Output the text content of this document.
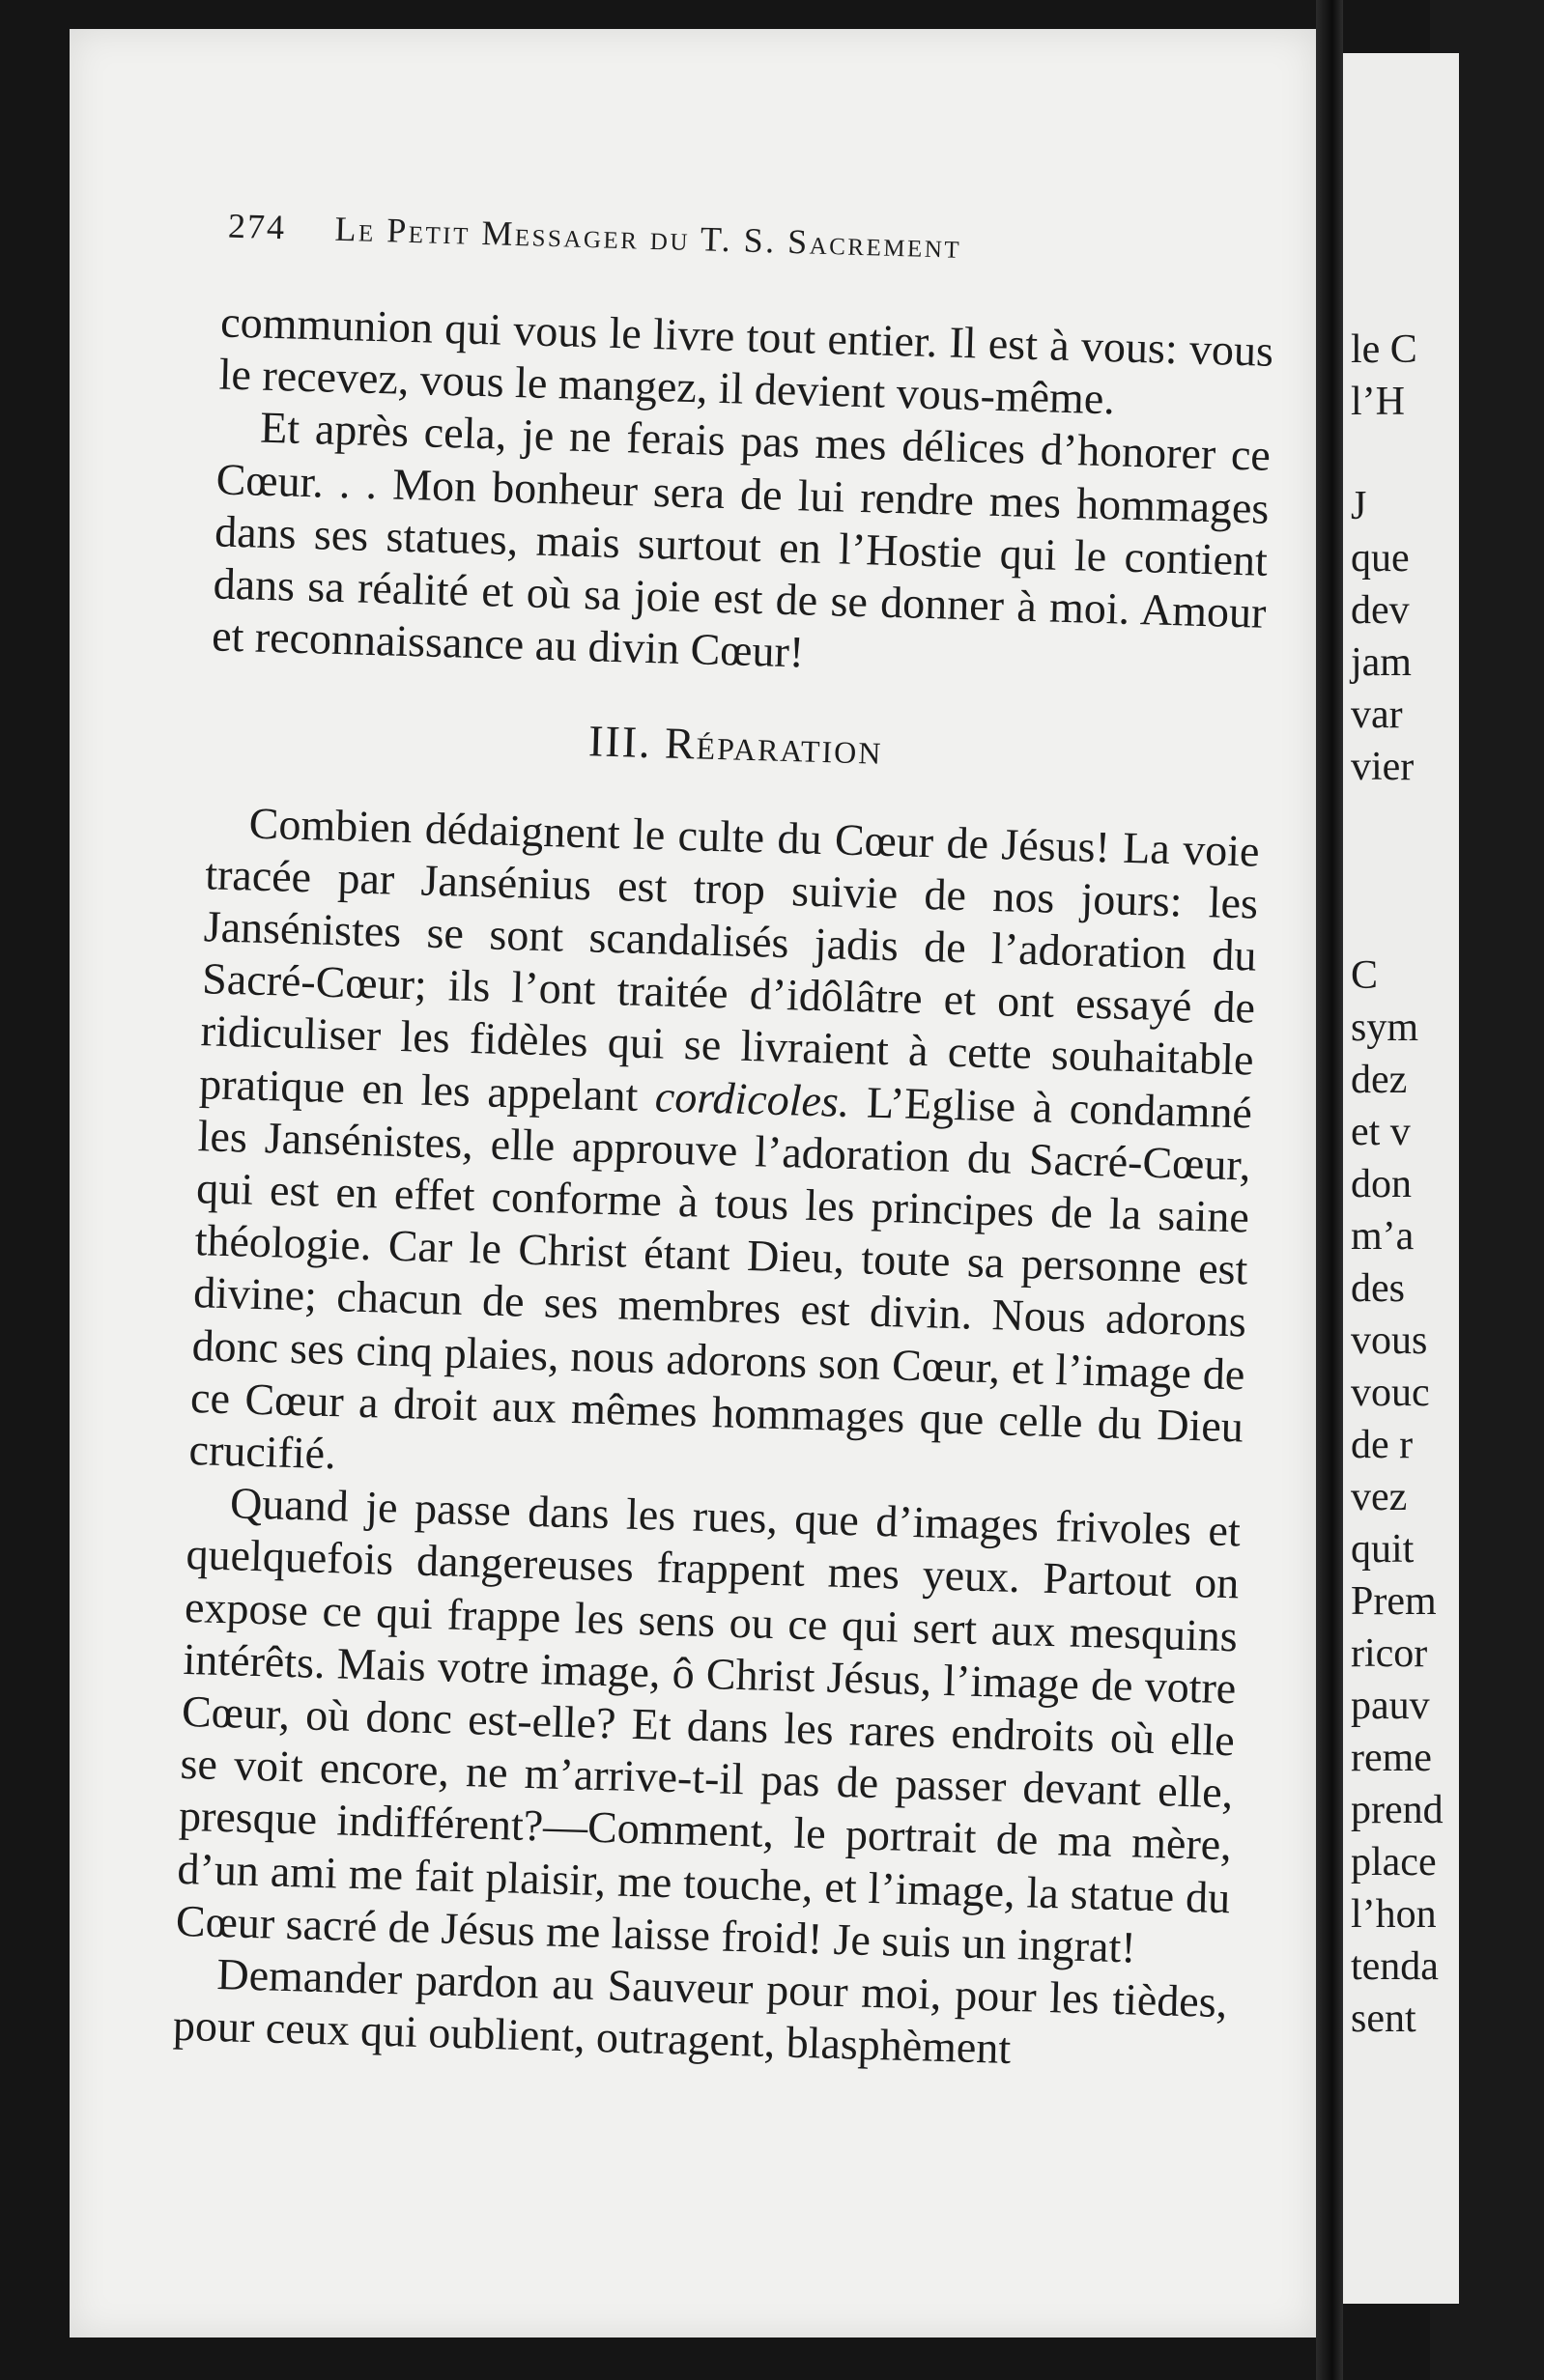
274 Le Petit Messager du T. S. Sacrement

communion qui vous le livre tout entier. Il est à vous: vous le recevez, vous le mangez, il devient vous-même.

Et après cela, je ne ferais pas mes délices d’honorer ce Cœur. . . Mon bonheur sera de lui rendre mes hommages dans ses statues, mais surtout en l’Hostie qui le contient dans sa réalité et où sa joie est de se donner à moi. Amour et reconnaissance au divin Cœur!

III. Réparation

Combien dédaignent le culte du Cœur de Jésus! La voie tracée par Jansénius est trop suivie de nos jours: les Jansénistes se sont scandalisés jadis de l’adoration du Sacré-Cœur; ils l’ont traitée d’idôlâtre et ont essayé de ridiculiser les fidèles qui se livraient à cette souhaitable pratique en les appelant cordicoles. L’Eglise à condamné les Jansénistes, elle approuve l’adoration du Sacré-Cœur, qui est en effet conforme à tous les principes de la saine théologie. Car le Christ étant Dieu, toute sa personne est divine; chacun de ses membres est divin. Nous adorons donc ses cinq plaies, nous adorons son Cœur, et l’image de ce Cœur a droit aux mêmes hommages que celle du Dieu crucifié.

Quand je passe dans les rues, que d’images frivoles et quelquefois dangereuses frappent mes yeux. Partout on expose ce qui frappe les sens ou ce qui sert aux mesquins intérêts. Mais votre image, ô Christ Jésus, l’image de votre Cœur, où donc est-elle? Et dans les rares endroits où elle se voit encore, ne m’arrive-t-il pas de passer devant elle, presque indifférent?—Comment, le portrait de ma mère, d’un ami me fait plaisir, me touche, et l’image, la statue du Cœur sacré de Jésus me laisse froid! Je suis un ingrat!

Demander pardon au Sauveur pour moi, pour les tièdes, pour ceux qui oublient, outragent, blasphèment

le C
l’H

J
que
dev
jam
var
vier

C
sym
dez
et v
don
m’a
des
vous
vouc
de r
vez
quit
Prem
ricor
pauv
reme
prend
place
l’hon
tenda
sent
